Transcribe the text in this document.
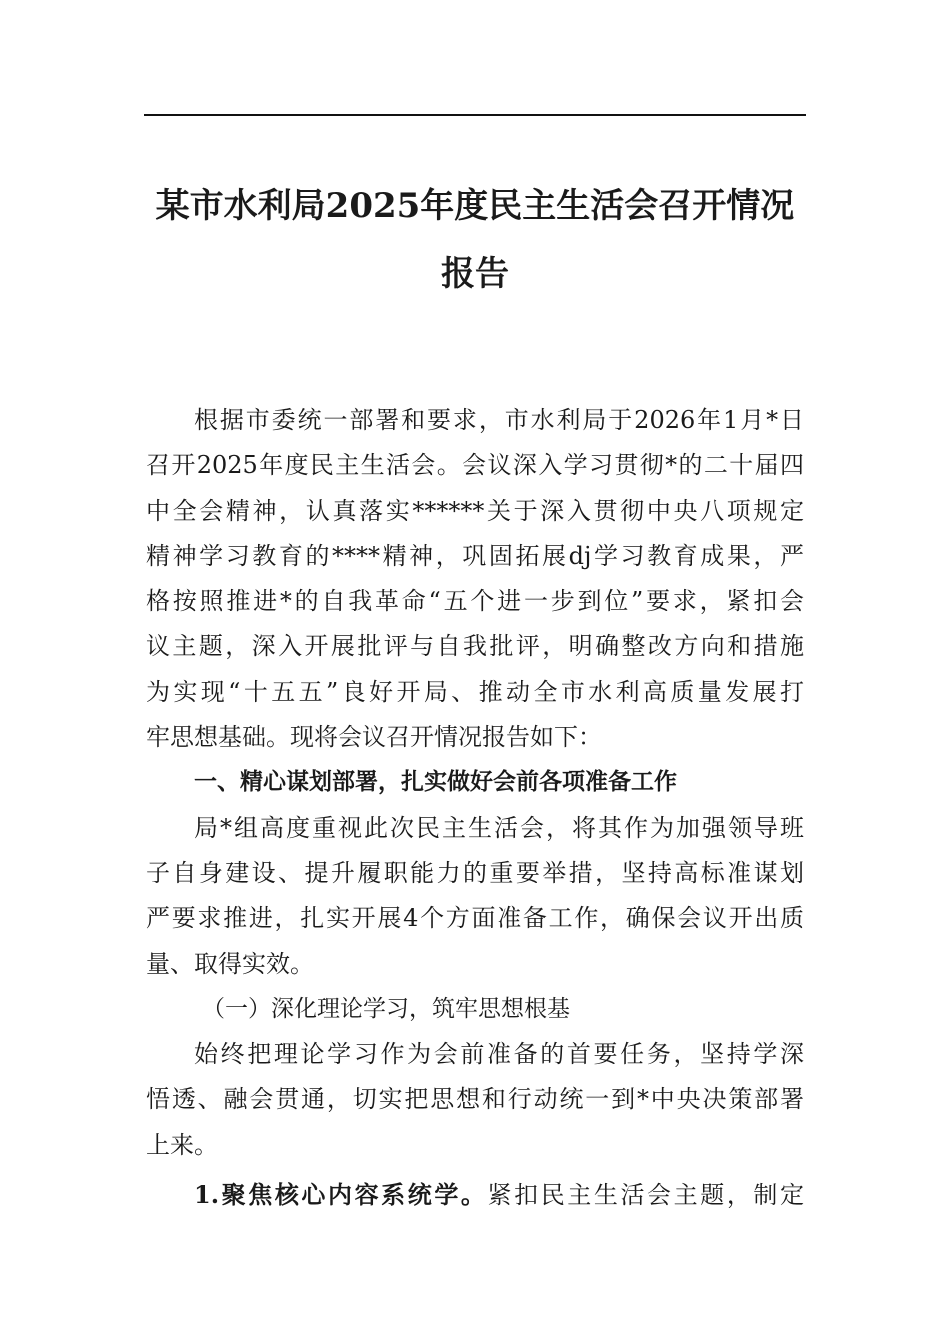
某市水利局2025年度民主生活会召开情况
报告
根据市委统一部署和要求，市水利局于2026年1月*日
召开2025年度民主生活会。会议深入学习贯彻*的二十届四
中全会精神，认真落实******关于深入贯彻中央八项规定
精神学习教育的****精神，巩固拓展dj学习教育成果，严
格按照推进*的自我革命“五个进一步到位”要求，紧扣会
议主题，深入开展批评与自我批评，明确整改方向和措施
为实现“十五五”良好开局、推动全市水利高质量发展打
牢思想基础。现将会议召开情况报告如下：
一、精心谋划部署，扎实做好会前各项准备工作
局*组高度重视此次民主生活会，将其作为加强领导班
子自身建设、提升履职能力的重要举措，坚持高标准谋划
严要求推进，扎实开展4个方面准备工作，确保会议开出质
量、取得实效。
（一）深化理论学习，筑牢思想根基
始终把理论学习作为会前准备的首要任务，坚持学深
悟透、融会贯通，切实把思想和行动统一到*中央决策部署
上来。
1.聚焦核心内容系统学。紧扣民主生活会主题，制定
